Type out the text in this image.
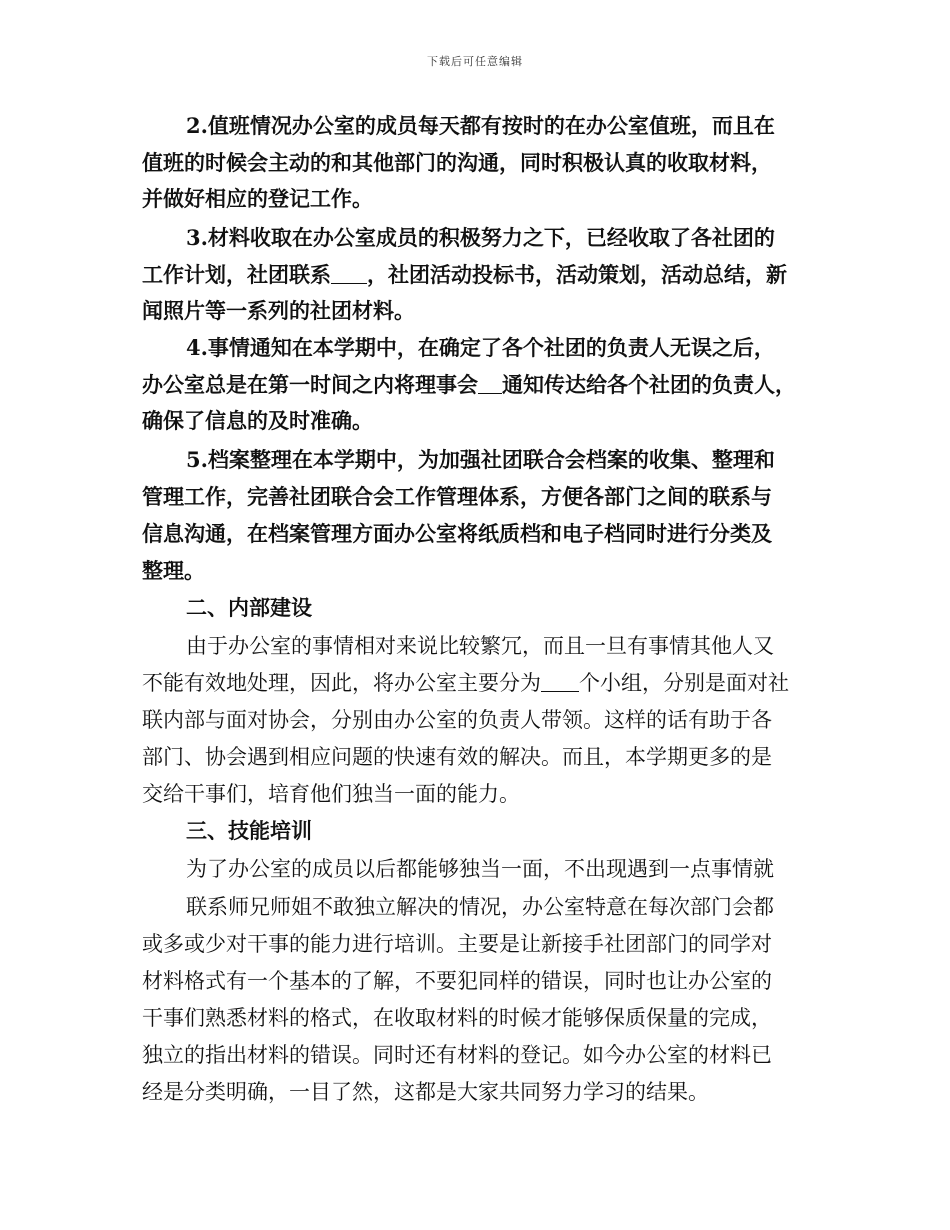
下载后可任意编辑
2.值班情况办公室的成员每天都有按时的在办公室值班，而且在
值班的时候会主动的和其他部门的沟通，同时积极认真的收取材料，
并做好相应的登记工作。
3.材料收取在办公室成员的积极努力之下，已经收取了各社团的
工作计划，社团联系 ，社团活动投标书，活动策划，活动总结，新
闻照片等一系列的社团材料。
4.事情通知在本学期中，在确定了各个社团的负责人无误之后，
办公室总是在第一时间之内将理事会 通知传达给各个社团的负责人，
确保了信息的及时准确。
5.档案整理在本学期中，为加强社团联合会档案的收集、整理和
管理工作，完善社团联合会工作管理体系，方便各部门之间的联系与
信息沟通，在档案管理方面办公室将纸质档和电子档同时进行分类及
整理。
二、内部建设
由于办公室的事情相对来说比较繁冗，而且一旦有事情其他人又
不能有效地处理，因此，将办公室主要分为 个小组，分别是面对社
联内部与面对协会，分别由办公室的负责人带领。这样的话有助于各
部门、协会遇到相应问题的快速有效的解决。而且，本学期更多的是
交给干事们，培育他们独当一面的能力。
三、技能培训
为了办公室的成员以后都能够独当一面，不出现遇到一点事情就
联系师兄师姐不敢独立解决的情况，办公室特意在每次部门会都
或多或少对干事的能力进行培训。主要是让新接手社团部门的同学对
材料格式有一个基本的了解，不要犯同样的错误，同时也让办公室的
干事们熟悉材料的格式，在收取材料的时候才能够保质保量的完成，
独立的指出材料的错误。同时还有材料的登记。如今办公室的材料已
经是分类明确，一目了然，这都是大家共同努力学习的结果。
